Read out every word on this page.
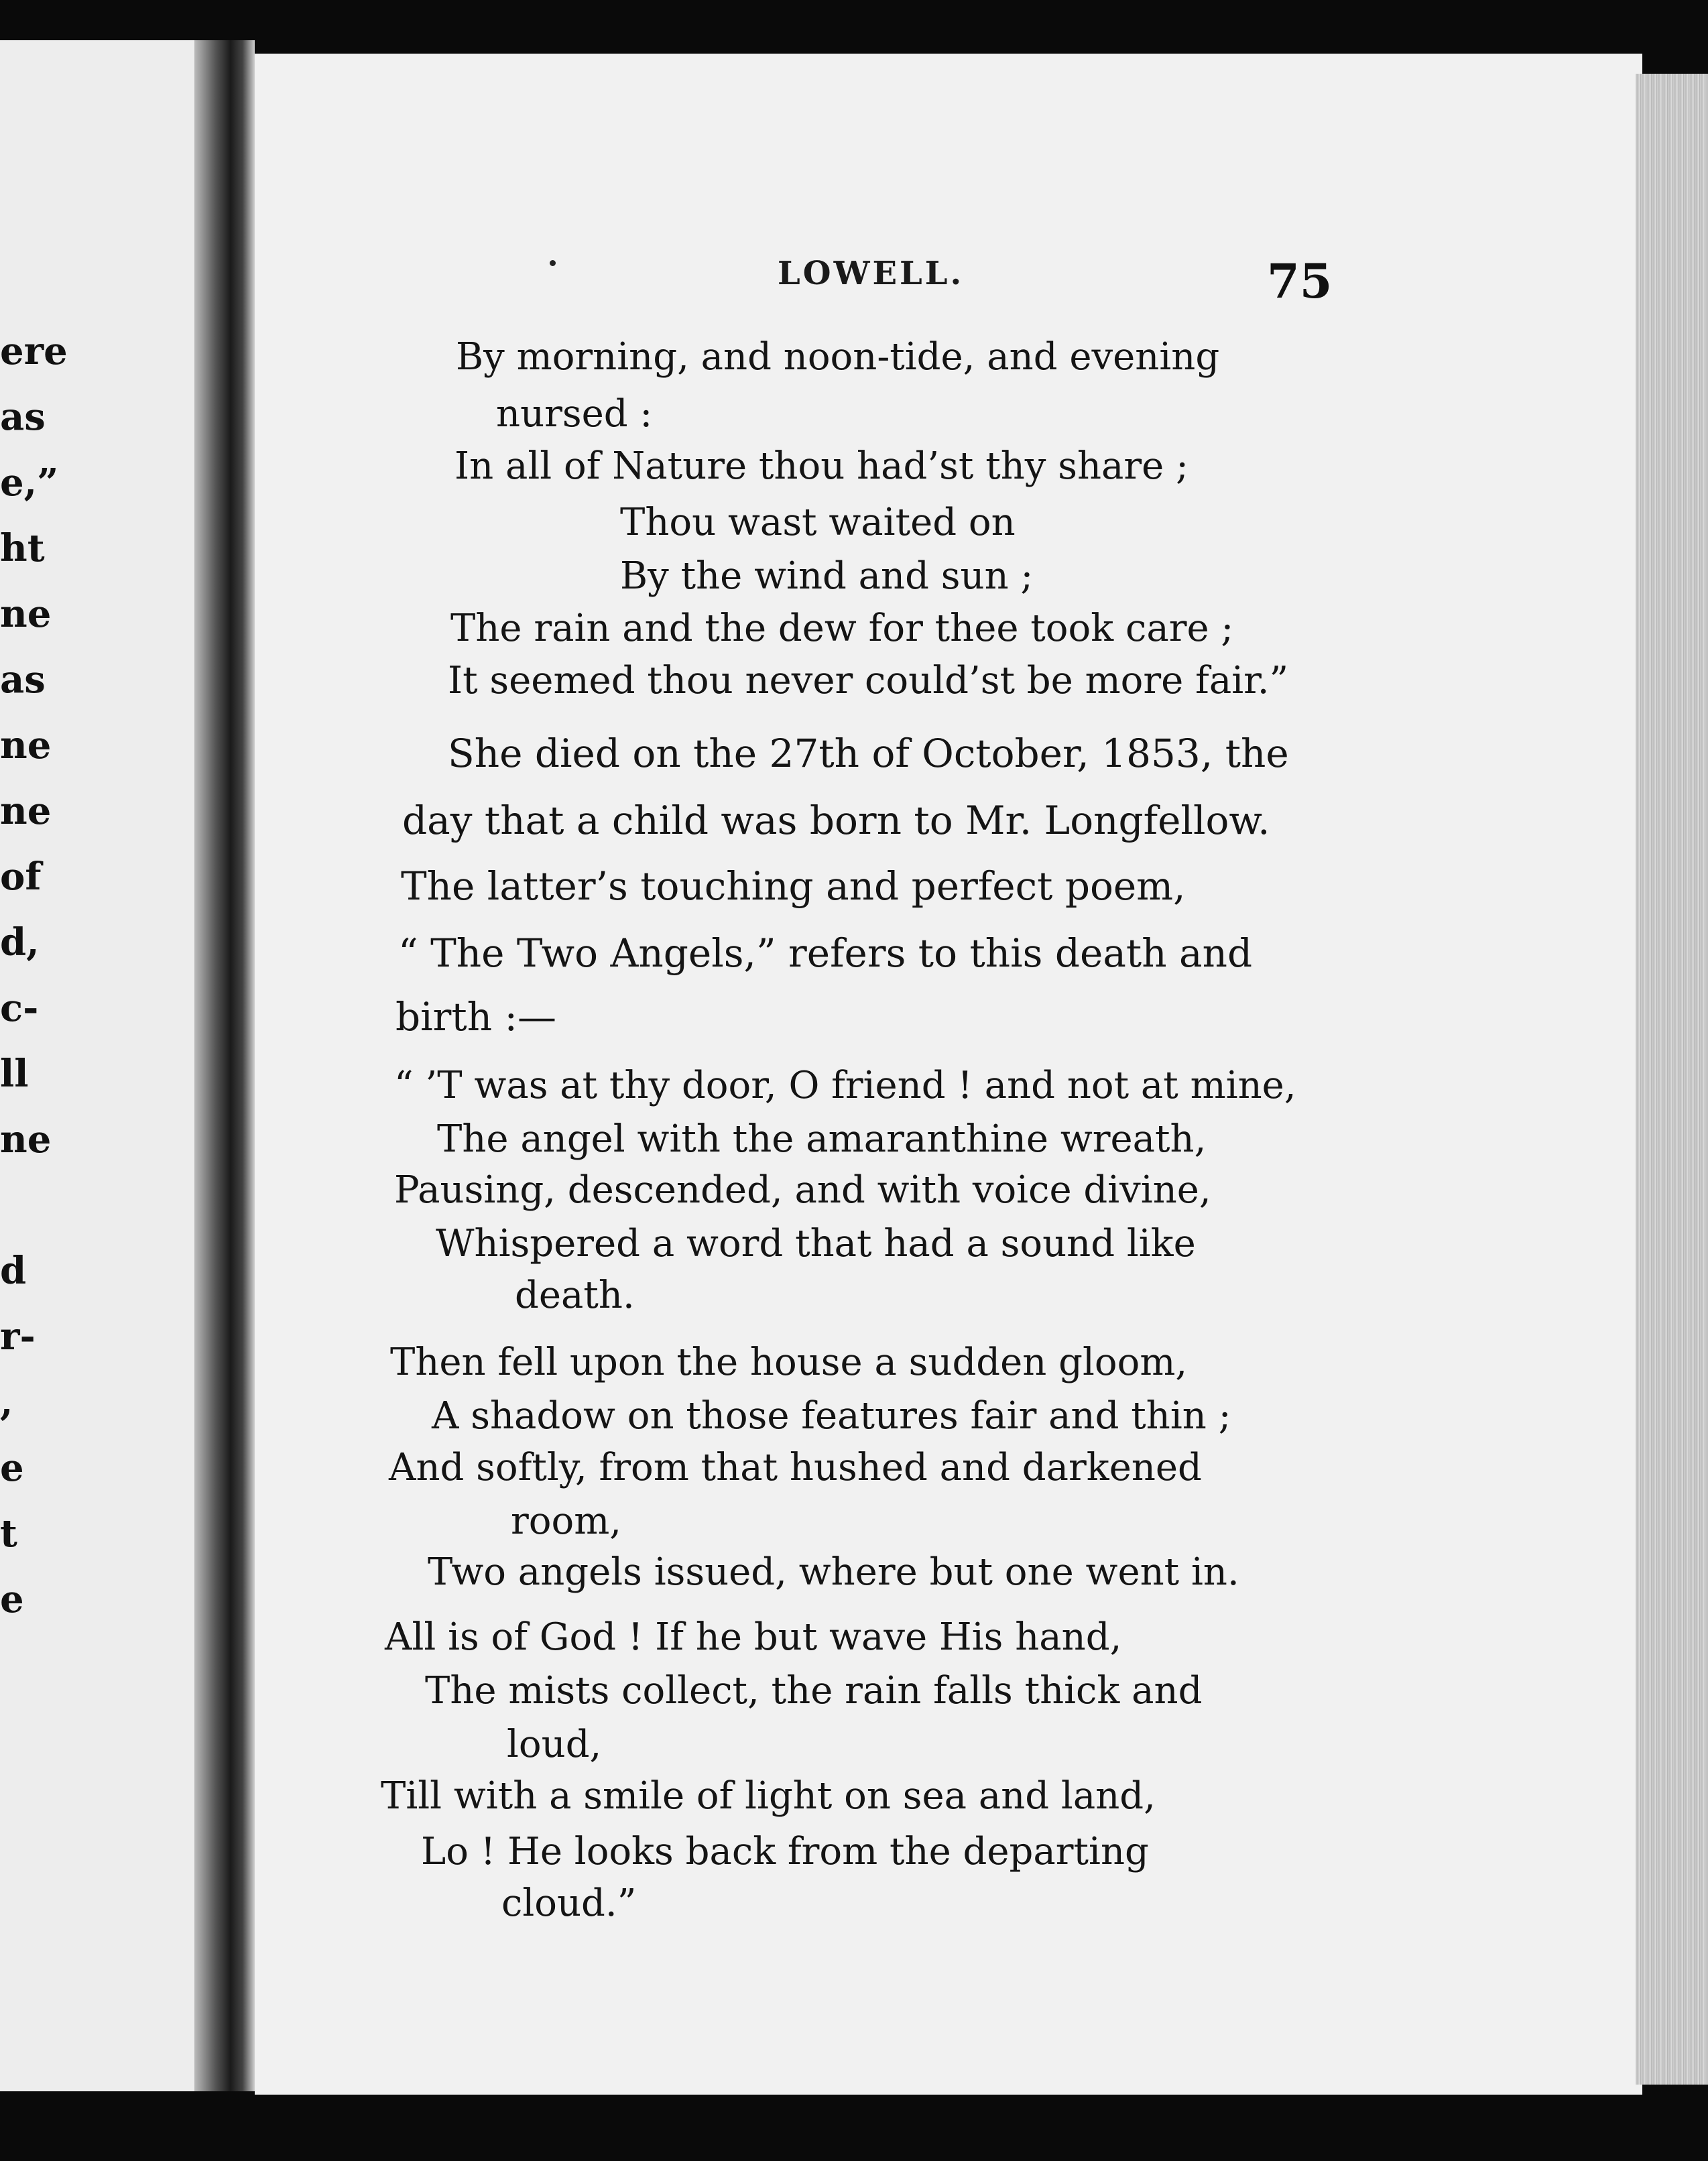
ere
as
e,”
ht
ne
as
ne
ne
of
d,
c-
ll
ne
d
r-
,
e
t
e
LOWELL.	75
By morning, and noon-tide, and evening
nursed :
In all of Nature thou had’st thy share ;
Thou wast waited on
By the wind and sun ;
The rain and the dew for thee took care ;
It seemed thou never could’st be more fair.”
She died on the 27th of October, 1853, the
day that a child was born to Mr. Longfellow.
The latter’s touching and perfect poem,
“ The Two Angels,” refers to this death and
birth :—
“ ’T was at thy door, O friend ! and not at mine,
The angel with the amaranthine wreath,
Pausing, descended, and with voice divine,
Whispered a word that had a sound like
death.
Then fell upon the house a sudden gloom,
A shadow on those features fair and thin ;
And softly, from that hushed and darkened
room,
Two angels issued, where but one went in.
All is of God ! If he but wave His hand,
The mists collect, the rain falls thick and
loud,
Till with a smile of light on sea and land,
Lo ! He looks back from the departing
cloud.”
